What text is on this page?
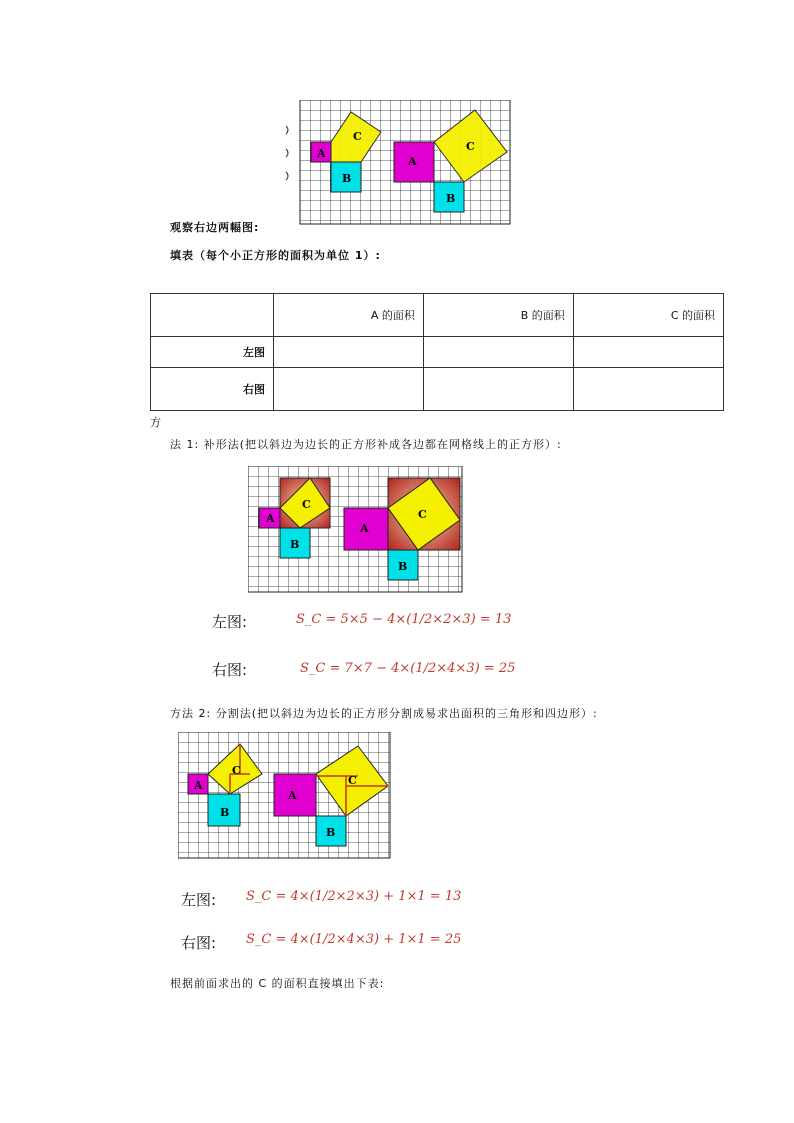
A
B
C
A
B
C
观察右边两幅图:
填表（每个小正方形的面积为单位 1）:
	A 的面积	B 的面积	C 的面积
左图			
右图			
方
法 1: 补形法(把以斜边为边长的正方形补成各边都在网格线上的正方形）:
A
B
C
A
B
C
左图:	S_C = 5×5 − 4×(1/2×2×3) = 13
右图:	S_C = 7×7 − 4×(1/2×4×3) = 25
方法 2: 分割法(把以斜边为边长的正方形分割成易求出面积的三角形和四边形）:
A
B
C
A
B
C
左图: S_C = 4×(1/2×2×3) + 1×1 = 13
右图: S_C = 4×(1/2×4×3) + 1×1 = 25
根据前面求出的 C 的面积直接填出下表:
